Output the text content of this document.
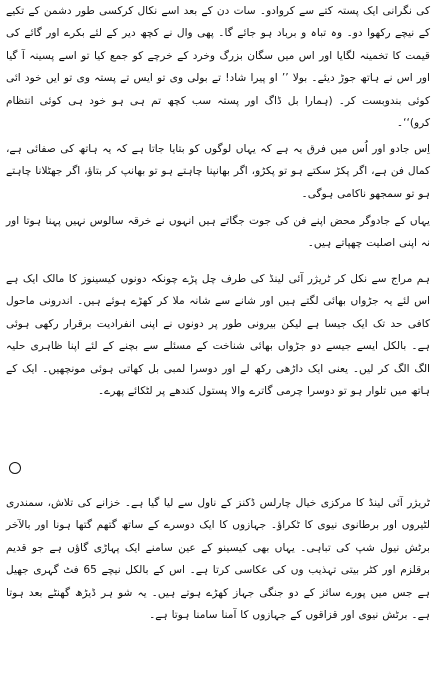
کی نگرانی ایک پستہ کتے سے کروادو۔ سات دن کے بعد اسے نکال کرکسی طور دشمن کے تکیے کے نیچے رکھوا دو۔ وہ تباہ و برباد ہو جائے گا۔ پھی وال نے کچھ دیر کے لئے بکرے اور گائے کی قیمت کا تخمینہ لگایا اور اس میں سگان بزرگ وخرد کے خرچے کو جمع کیا تو اسے پسینہ آ گیا اور اس نے ہاتھ جوڑ دیئے۔ بولا ’’ او پیرا شاد! تے بولی وی تو ایس تے پستہ وی تو ایں خود ائی کوئی بندوبست کر۔ (ہمارا بل ڈاگ اور پستہ سب کچھ تم ہی ہو خود ہی کوئی انتظام کرو)‘‘۔

اِس جادو اور اُس میں فرق یہ ہے کہ یہاں لوگوں کو بتایا جاتا ہے کہ یہ ہاتھ کی صفائی ہے، کمال فن ہے، اگر پکڑ سکتے ہو تو پکڑو، اگر بھانپنا چاہتے ہو تو بھانپ کر بتاؤ، اگر جھٹلانا چاہتے ہو تو سمجھو ناکامی ہوگی۔

یہاں کے جادوگر محض اپنے فن کی جوت جگاتے ہیں انہوں نے خرقہ سالوس نہیں پہنا ہوتا اور نہ اپنی اصلیت چھپاتے ہیں۔

ہم مراج سے نکل کر ٹریژر آئی لینڈ کی طرف چل پڑے چونکہ دونوں کیسینوز کا مالک ایک ہے اس لئے یہ جڑواں بھائی لگتے ہیں اور شانے سے شانہ ملا کر کھڑے ہوئے ہیں۔ اندرونی ماحول کافی حد تک ایک جیسا ہے لیکن بیرونی طور پر دونوں نے اپنی انفرادیت برقرار رکھی ہوئی ہے۔ بالکل ایسے جیسے دو جڑواں بھائی شناخت کے مسئلے سے بچنے کے لئے اپنا ظاہری حلیہ الگ الگ کر لیں۔ یعنی ایک داڑھی رکھ لے اور دوسرا لمبی بل کھاتی ہوئی مونچھیں۔ ایک کے ہاتھ میں تلوار ہو تو دوسرا چرمی گاترے والا پستول کندھے پر لٹکائے پھرے۔

ٹریژر آئی لینڈ کا مرکزی خیال چارلس ڈکنز کے ناول سے لیا گیا ہے۔ خزانے کی تلاش، سمندری لٹیروں اور برطانوی نیوی کا ٹکراؤ۔ جہازوں کا ایک دوسرے کے ساتھ گتھم گتھا ہونا اور بالآخر برٹش نیول شپ کی تباہی۔ یہاں بھی کیسینو کے عین سامنے ایک پہاڑی گاؤں ہے جو قدیم برقلزم اور کٹر بیتی تہذیب وں کی عکاسی کرتا ہے۔ اس کے بالکل نیچے 65 فٹ گہری جھیل ہے جس میں پورے سائز کے دو جنگی جہاز کھڑے ہوتے ہیں۔ یہ شو ہر ڈیڑھ گھنٹے بعد ہوتا ہے۔ برٹش نیوی اور قزاقوں کے جہازوں کا آمنا سامنا ہوتا ہے۔
